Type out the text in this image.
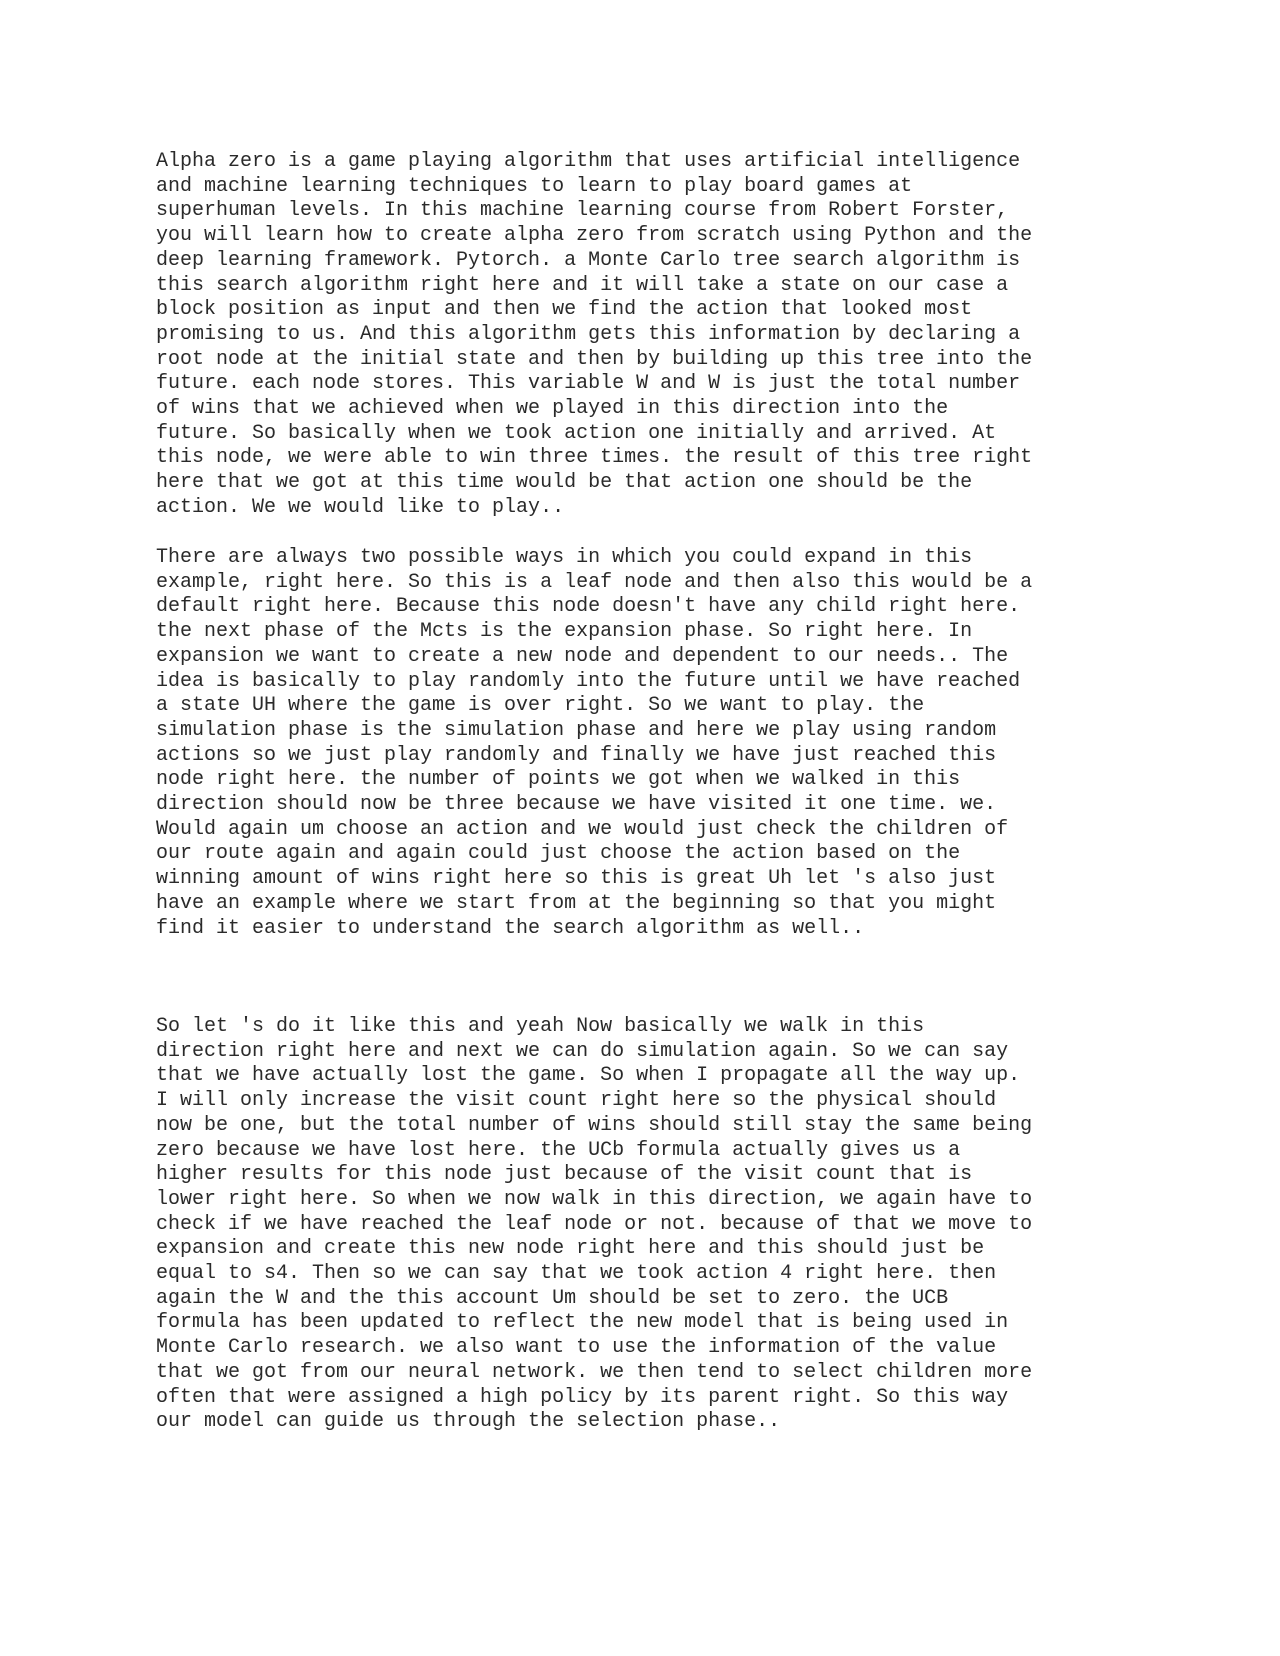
Alpha zero is a game playing algorithm that uses artificial intelligence
and machine learning techniques to learn to play board games at
superhuman levels. In this machine learning course from Robert Forster,
you will learn how to create alpha zero from scratch using Python and the
deep learning framework. Pytorch. a Monte Carlo tree search algorithm is
this search algorithm right here and it will take a state on our case a
block position as input and then we find the action that looked most
promising to us. And this algorithm gets this information by declaring a
root node at the initial state and then by building up this tree into the
future. each node stores. This variable W and W is just the total number
of wins that we achieved when we played in this direction into the
future. So basically when we took action one initially and arrived. At
this node, we were able to win three times. the result of this tree right
here that we got at this time would be that action one should be the
action. We we would like to play..

There are always two possible ways in which you could expand in this
example, right here. So this is a leaf node and then also this would be a
default right here. Because this node doesn't have any child right here.
the next phase of the Mcts is the expansion phase. So right here. In
expansion we want to create a new node and dependent to our needs.. The
idea is basically to play randomly into the future until we have reached
a state UH where the game is over right. So we want to play. the
simulation phase is the simulation phase and here we play using random
actions so we just play randomly and finally we have just reached this
node right here. the number of points we got when we walked in this
direction should now be three because we have visited it one time. we.
Would again um choose an action and we would just check the children of
our route again and again could just choose the action based on the
winning amount of wins right here so this is great Uh let 's also just
have an example where we start from at the beginning so that you might
find it easier to understand the search algorithm as well..

So let 's do it like this and yeah Now basically we walk in this
direction right here and next we can do simulation again. So we can say
that we have actually lost the game. So when I propagate all the way up.
I will only increase the visit count right here so the physical should
now be one, but the total number of wins should still stay the same being
zero because we have lost here. the UCb formula actually gives us a
higher results for this node just because of the visit count that is
lower right here. So when we now walk in this direction, we again have to
check if we have reached the leaf node or not. because of that we move to
expansion and create this new node right here and this should just be
equal to s4. Then so we can say that we took action 4 right here. then
again the W and the this account Um should be set to zero. the UCB
formula has been updated to reflect the new model that is being used in
Monte Carlo research. we also want to use the information of the value
that we got from our neural network. we then tend to select children more
often that were assigned a high policy by its parent right. So this way
our model can guide us through the selection phase..
